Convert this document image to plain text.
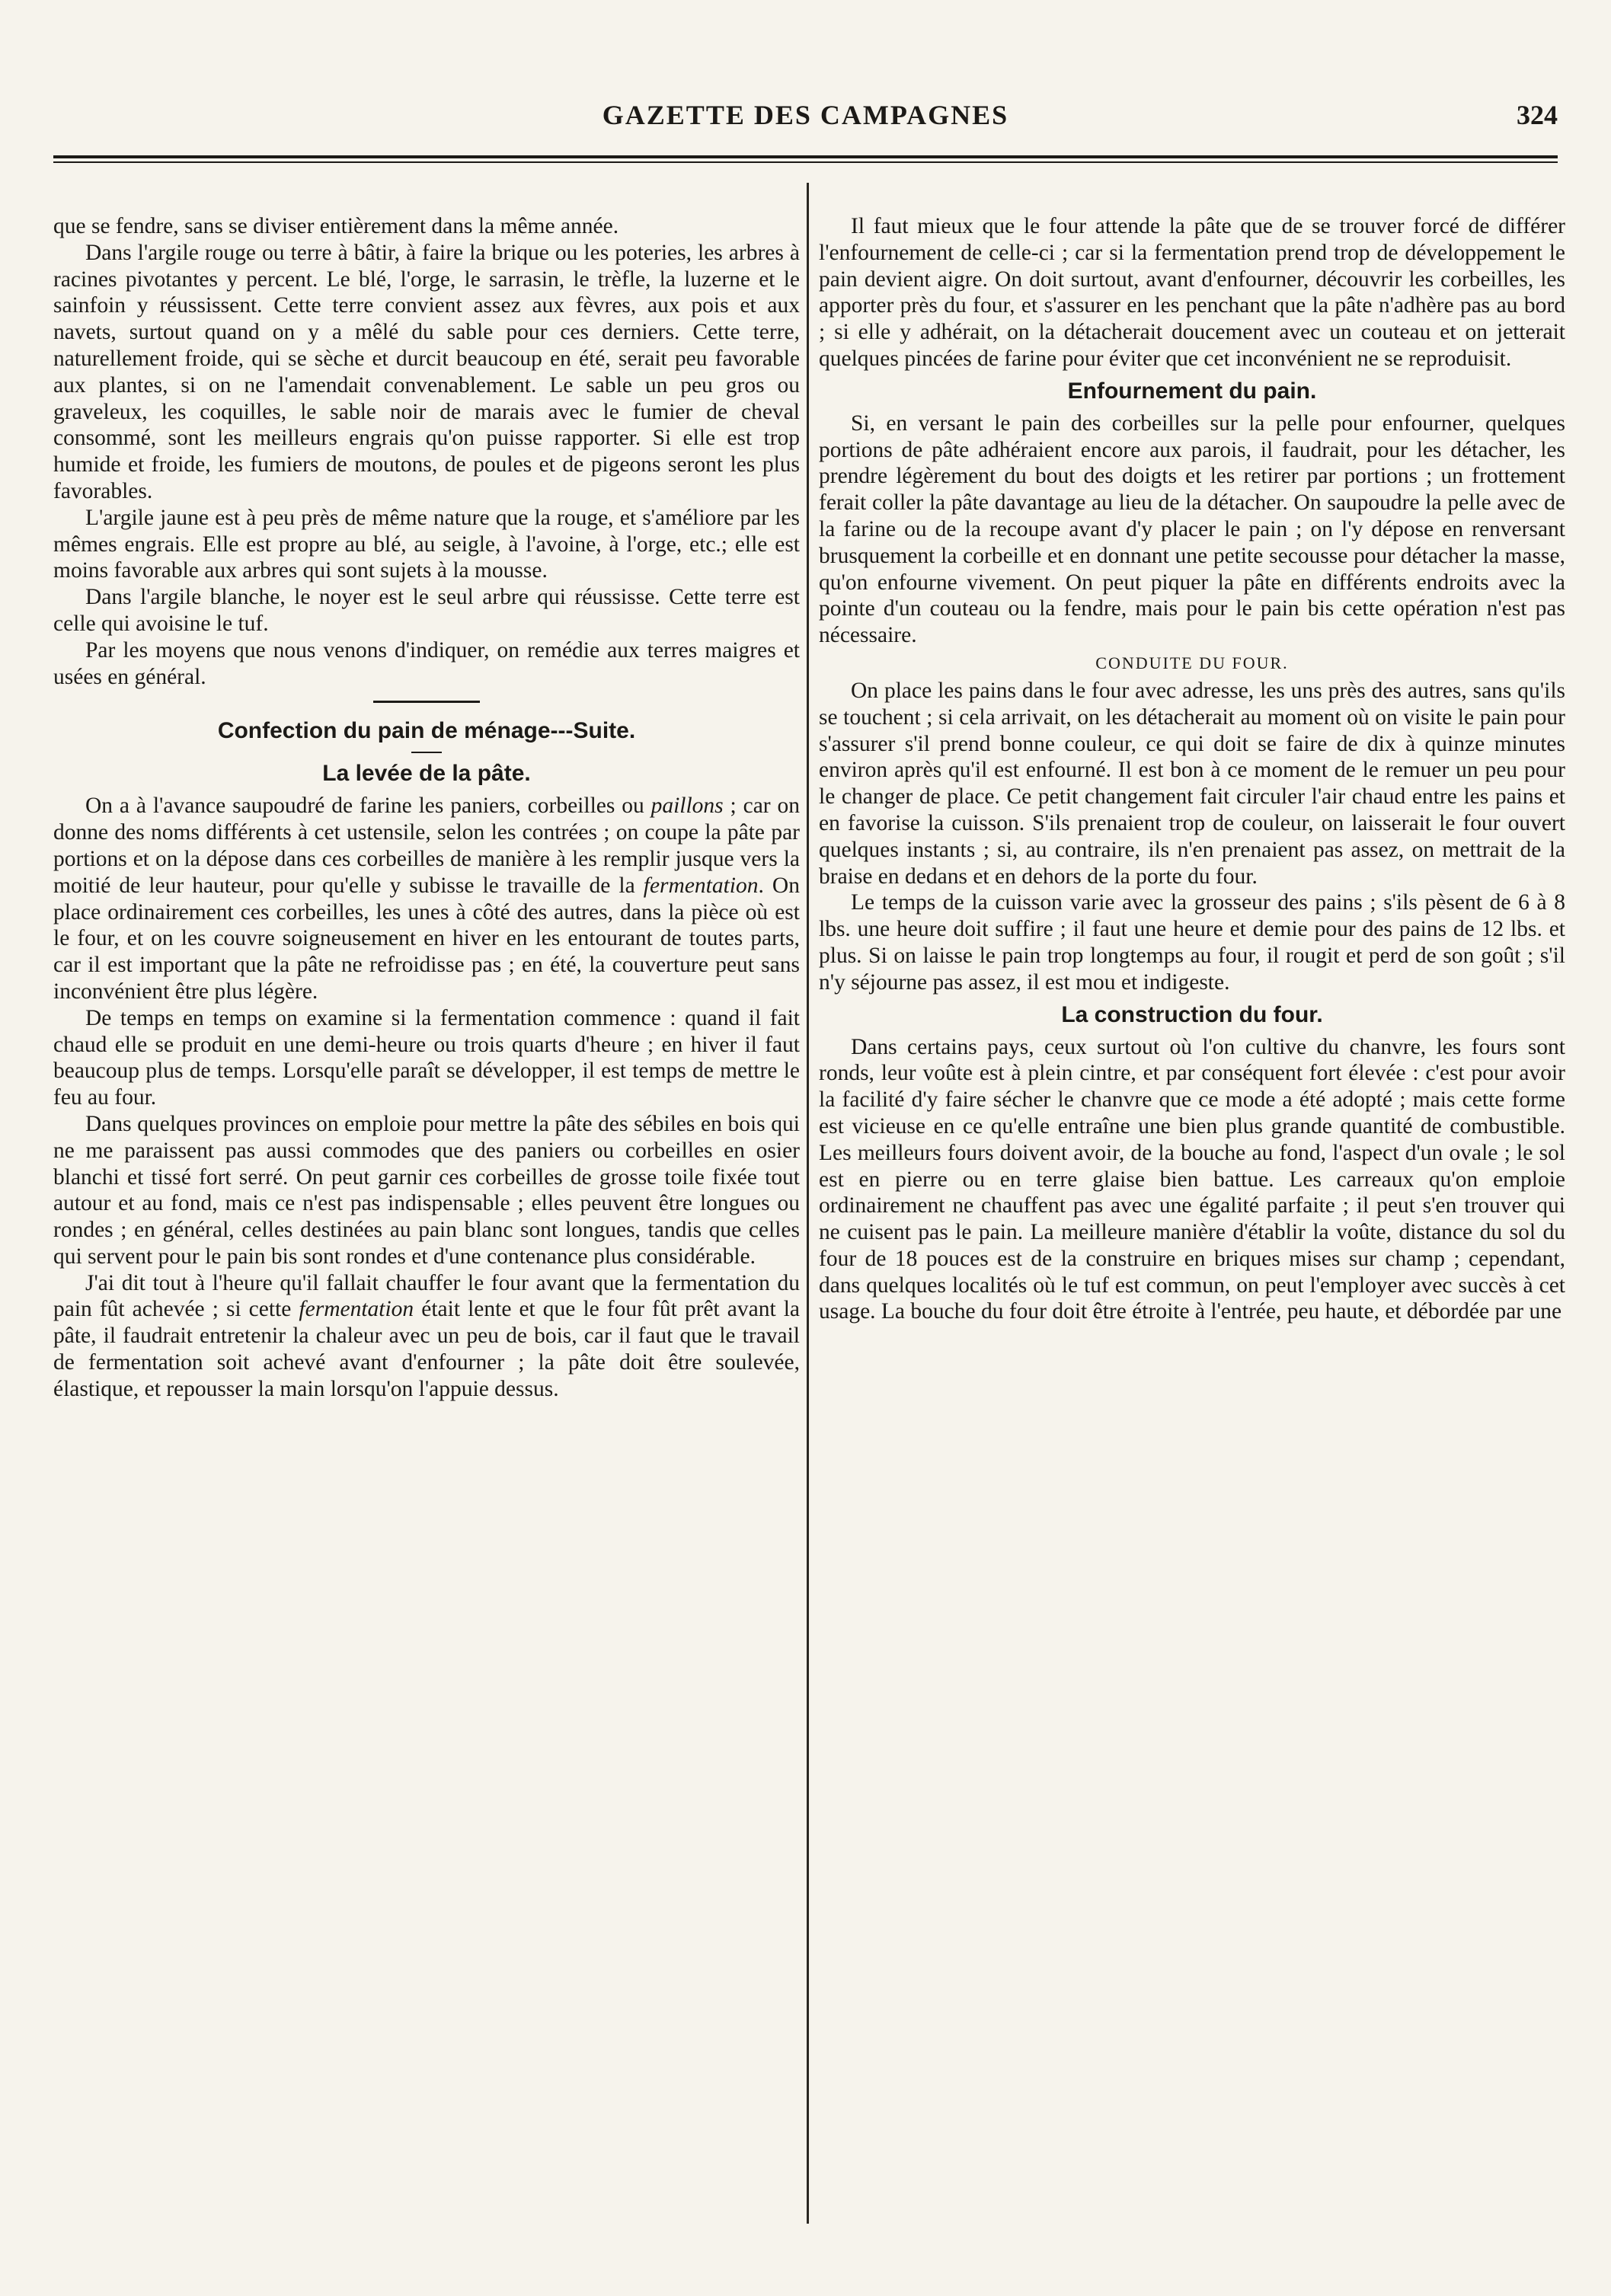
GAZETTE DES CAMPAGNES	324

que se fendre, sans se diviser entièrement dans la même année.

Dans l'argile rouge ou terre à bâtir, à faire la brique ou les poteries, les arbres à racines pivotantes y percent. Le blé, l'orge, le sarrasin, le trèfle, la luzerne et le sainfoin y réussissent. Cette terre convient assez aux fèvres, aux pois et aux navets, surtout quand on y a mêlé du sable pour ces derniers. Cette terre, naturellement froide, qui se sèche et durcit beaucoup en été, serait peu favorable aux plantes, si on ne l'amendait convenablement. Le sable un peu gros ou graveleux, les coquilles, le sable noir de marais avec le fumier de cheval consommé, sont les meilleurs engrais qu'on puisse rapporter. Si elle est trop humide et froide, les fumiers de moutons, de poules et de pigeons seront les plus favorables.

L'argile jaune est à peu près de même nature que la rouge, et s'améliore par les mêmes engrais. Elle est propre au blé, au seigle, à l'avoine, à l'orge, etc.; elle est moins favorable aux arbres qui sont sujets à la mousse.

Dans l'argile blanche, le noyer est le seul arbre qui réussisse. Cette terre est celle qui avoisine le tuf.

Par les moyens que nous venons d'indiquer, on remédie aux terres maigres et usées en général.

Confection du pain de ménage---Suite.
La levée de la pâte.

On a à l'avance saupoudré de farine les paniers, corbeilles ou paillons ; car on donne des noms différents à cet ustensile, selon les contrées ; on coupe la pâte par portions et on la dépose dans ces corbeilles de manière à les remplir jusque vers la moitié de leur hauteur, pour qu'elle y subisse le travaille de la fermentation. On place ordinairement ces corbeilles, les unes à côté des autres, dans la pièce où est le four, et on les couvre soigneusement en hiver en les entourant de toutes parts, car il est important que la pâte ne refroidisse pas ; en été, la couverture peut sans inconvénient être plus légère.

De temps en temps on examine si la fermentation commence : quand il fait chaud elle se produit en une demi-heure ou trois quarts d'heure ; en hiver il faut beaucoup plus de temps. Lorsqu'elle paraît se développer, il est temps de mettre le feu au four.

Dans quelques provinces on emploie pour mettre la pâte des sébiles en bois qui ne me paraissent pas aussi commodes que des paniers ou corbeilles en osier blanchi et tissé fort serré. On peut garnir ces corbeilles de grosse toile fixée tout autour et au fond, mais ce n'est pas indispensable ; elles peuvent être longues ou rondes ; en général, celles destinées au pain blanc sont longues, tandis que celles qui servent pour le pain bis sont rondes et d'une contenance plus considérable.

J'ai dit tout à l'heure qu'il fallait chauffer le four avant que la fermentation du pain fût achevée ; si cette fermentation était lente et que le four fût prêt avant la pâte, il faudrait entretenir la chaleur avec un peu de bois, car il faut que le travail de fermentation soit achevé avant d'enfourner ; la pâte doit être soulevée, élastique, et repousser la main lorsqu'on l'appuie dessus.

Il faut mieux que le four attende la pâte que de se trouver forcé de différer l'enfournement de celle-ci ; car si la fermentation prend trop de développement le pain devient aigre. On doit surtout, avant d'enfourner, découvrir les corbeilles, les apporter près du four, et s'assurer en les penchant que la pâte n'adhère pas au bord ; si elle y adhérait, on la détacherait doucement avec un couteau et on jetterait quelques pincées de farine pour éviter que cet inconvénient ne se reproduisit.

Enfournement du pain.

Si, en versant le pain des corbeilles sur la pelle pour enfourner, quelques portions de pâte adhéraient encore aux parois, il faudrait, pour les détacher, les prendre légèrement du bout des doigts et les retirer par portions ; un frottement ferait coller la pâte davantage au lieu de la détacher. On saupoudre la pelle avec de la farine ou de la recoupe avant d'y placer le pain ; on l'y dépose en renversant brusquement la corbeille et en donnant une petite secousse pour détacher la masse, qu'on enfourne vivement. On peut piquer la pâte en différents endroits avec la pointe d'un couteau ou la fendre, mais pour le pain bis cette opération n'est pas nécessaire.

CONDUITE DU FOUR.

On place les pains dans le four avec adresse, les uns près des autres, sans qu'ils se touchent ; si cela arrivait, on les détacherait au moment où on visite le pain pour s'assurer s'il prend bonne couleur, ce qui doit se faire de dix à quinze minutes environ après qu'il est enfourné. Il est bon à ce moment de le remuer un peu pour le changer de place. Ce petit changement fait circuler l'air chaud entre les pains et en favorise la cuisson. S'ils prenaient trop de couleur, on laisserait le four ouvert quelques instants ; si, au contraire, ils n'en prenaient pas assez, on mettrait de la braise en dedans et en dehors de la porte du four.

Le temps de la cuisson varie avec la grosseur des pains ; s'ils pèsent de 6 à 8 lbs. une heure doit suffire ; il faut une heure et demie pour des pains de 12 lbs. et plus. Si on laisse le pain trop longtemps au four, il rougit et perd de son goût ; s'il n'y séjourne pas assez, il est mou et indigeste.

La construction du four.

Dans certains pays, ceux surtout où l'on cultive du chanvre, les fours sont ronds, leur voûte est à plein cintre, et par conséquent fort élevée : c'est pour avoir la facilité d'y faire sécher le chanvre que ce mode a été adopté ; mais cette forme est vicieuse en ce qu'elle entraîne une bien plus grande quantité de combustible. Les meilleurs fours doivent avoir, de la bouche au fond, l'aspect d'un ovale ; le sol est en pierre ou en terre glaise bien battue. Les carreaux qu'on emploie ordinairement ne chauffent pas avec une égalité parfaite ; il peut s'en trouver qui ne cuisent pas le pain. La meilleure manière d'établir la voûte, distance du sol du four de 18 pouces est de la construire en briques mises sur champ ; cependant, dans quelques localités où le tuf est commun, on peut l'employer avec succès à cet usage. La bouche du four doit être étroite à l'entrée, peu haute, et débordée par une
